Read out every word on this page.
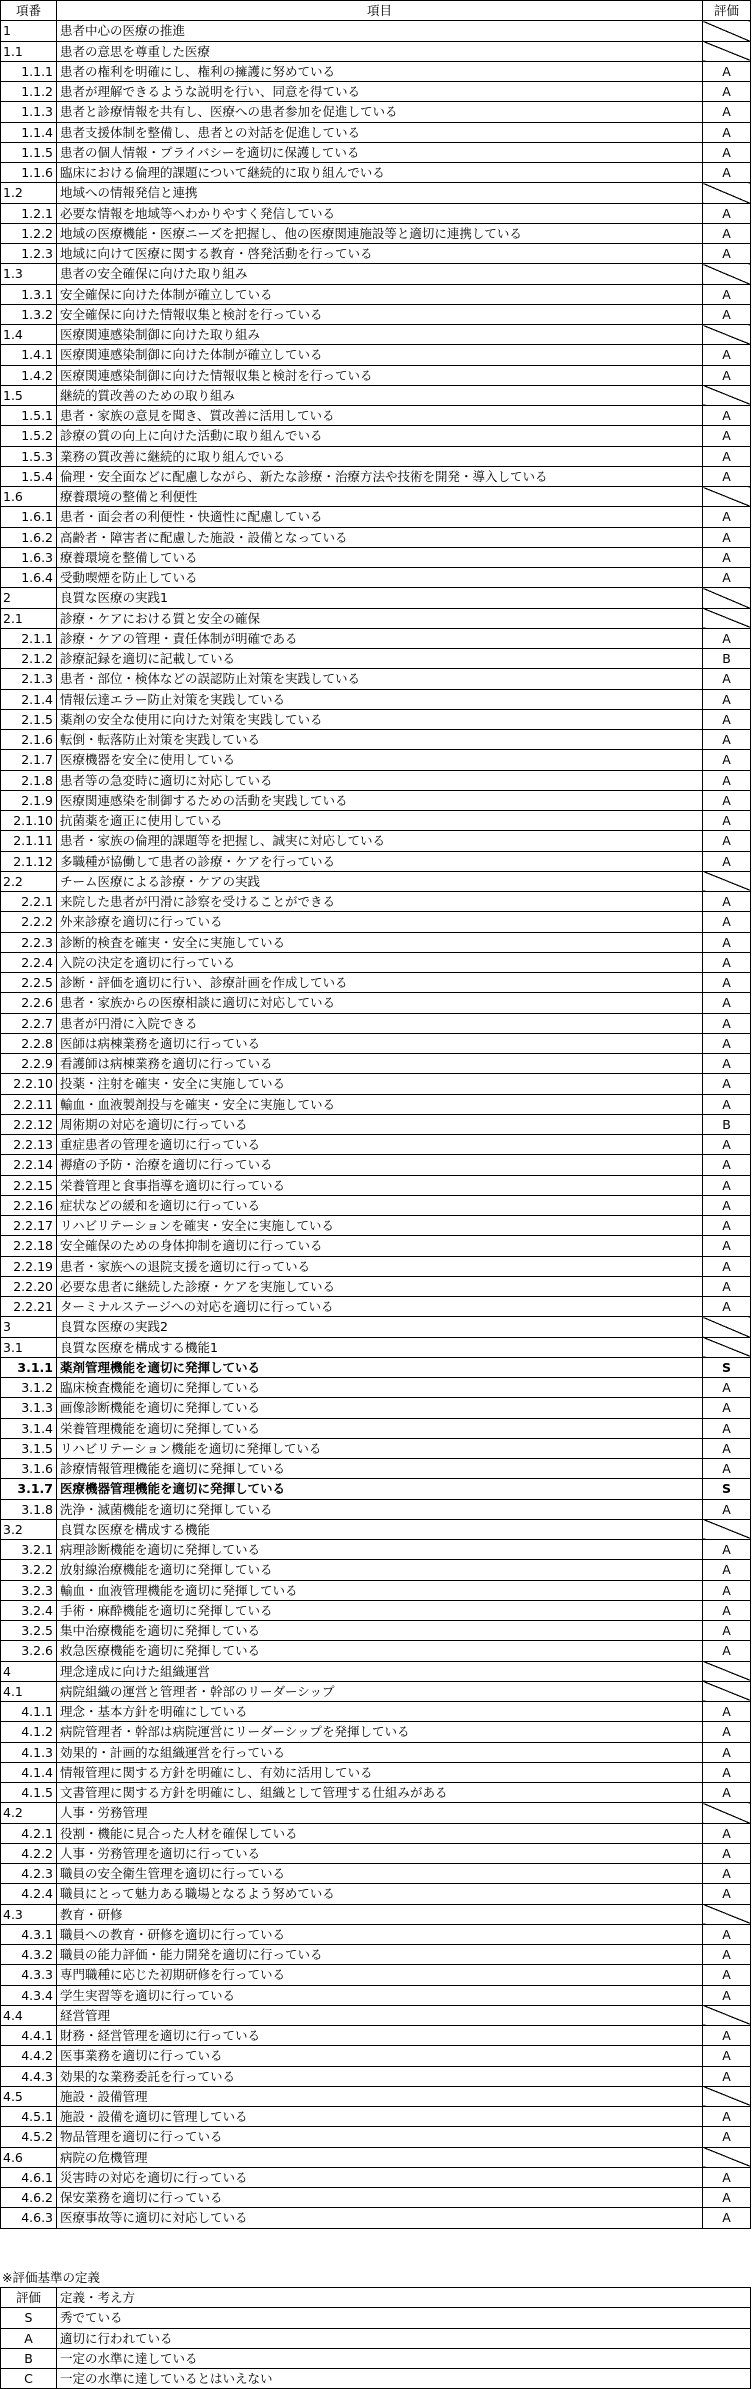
項番	項目	評価
1	患者中心の医療の推進	
1.1	患者の意思を尊重した医療	
1.1.1	患者の権利を明確にし、権利の擁護に努めている	A
1.1.2	患者が理解できるような説明を行い、同意を得ている	A
1.1.3	患者と診療情報を共有し、医療への患者参加を促進している	A
1.1.4	患者支援体制を整備し、患者との対話を促進している	A
1.1.5	患者の個人情報・プライバシーを適切に保護している	A
1.1.6	臨床における倫理的課題について継続的に取り組んでいる	A
1.2	地域への情報発信と連携	
1.2.1	必要な情報を地域等へわかりやすく発信している	A
1.2.2	地域の医療機能・医療ニーズを把握し、他の医療関連施設等と適切に連携している	A
1.2.3	地域に向けて医療に関する教育・啓発活動を行っている	A
1.3	患者の安全確保に向けた取り組み	
1.3.1	安全確保に向けた体制が確立している	A
1.3.2	安全確保に向けた情報収集と検討を行っている	A
1.4	医療関連感染制御に向けた取り組み	
1.4.1	医療関連感染制御に向けた体制が確立している	A
1.4.2	医療関連感染制御に向けた情報収集と検討を行っている	A
1.5	継続的質改善のための取り組み	
1.5.1	患者・家族の意見を聞き、質改善に活用している	A
1.5.2	診療の質の向上に向けた活動に取り組んでいる	A
1.5.3	業務の質改善に継続的に取り組んでいる	A
1.5.4	倫理・安全面などに配慮しながら、新たな診療・治療方法や技術を開発・導入している	A
1.6	療養環境の整備と利便性	
1.6.1	患者・面会者の利便性・快適性に配慮している	A
1.6.2	高齢者・障害者に配慮した施設・設備となっている	A
1.6.3	療養環境を整備している	A
1.6.4	受動喫煙を防止している	A
2	良質な医療の実践1	
2.1	診療・ケアにおける質と安全の確保	
2.1.1	診療・ケアの管理・責任体制が明確である	A
2.1.2	診療記録を適切に記載している	B
2.1.3	患者・部位・検体などの誤認防止対策を実践している	A
2.1.4	情報伝達エラー防止対策を実践している	A
2.1.5	薬剤の安全な使用に向けた対策を実践している	A
2.1.6	転倒・転落防止対策を実践している	A
2.1.7	医療機器を安全に使用している	A
2.1.8	患者等の急変時に適切に対応している	A
2.1.9	医療関連感染を制御するための活動を実践している	A
2.1.10	抗菌薬を適正に使用している	A
2.1.11	患者・家族の倫理的課題等を把握し、誠実に対応している	A
2.1.12	多職種が協働して患者の診療・ケアを行っている	A
2.2	チーム医療による診療・ケアの実践	
2.2.1	来院した患者が円滑に診察を受けることができる	A
2.2.2	外来診療を適切に行っている	A
2.2.3	診断的検査を確実・安全に実施している	A
2.2.4	入院の決定を適切に行っている	A
2.2.5	診断・評価を適切に行い、診療計画を作成している	A
2.2.6	患者・家族からの医療相談に適切に対応している	A
2.2.7	患者が円滑に入院できる	A
2.2.8	医師は病棟業務を適切に行っている	A
2.2.9	看護師は病棟業務を適切に行っている	A
2.2.10	投薬・注射を確実・安全に実施している	A
2.2.11	輸血・血液製剤投与を確実・安全に実施している	A
2.2.12	周術期の対応を適切に行っている	B
2.2.13	重症患者の管理を適切に行っている	A
2.2.14	褥瘡の予防・治療を適切に行っている	A
2.2.15	栄養管理と食事指導を適切に行っている	A
2.2.16	症状などの緩和を適切に行っている	A
2.2.17	リハビリテーションを確実・安全に実施している	A
2.2.18	安全確保のための身体抑制を適切に行っている	A
2.2.19	患者・家族への退院支援を適切に行っている	A
2.2.20	必要な患者に継続した診療・ケアを実施している	A
2.2.21	ターミナルステージへの対応を適切に行っている	A
3	良質な医療の実践2	
3.1	良質な医療を構成する機能1	
3.1.1	薬剤管理機能を適切に発揮している	S
3.1.2	臨床検査機能を適切に発揮している	A
3.1.3	画像診断機能を適切に発揮している	A
3.1.4	栄養管理機能を適切に発揮している	A
3.1.5	リハビリテーション機能を適切に発揮している	A
3.1.6	診療情報管理機能を適切に発揮している	A
3.1.7	医療機器管理機能を適切に発揮している	S
3.1.8	洗浄・滅菌機能を適切に発揮している	A
3.2	良質な医療を構成する機能	
3.2.1	病理診断機能を適切に発揮している	A
3.2.2	放射線治療機能を適切に発揮している	A
3.2.3	輸血・血液管理機能を適切に発揮している	A
3.2.4	手術・麻酔機能を適切に発揮している	A
3.2.5	集中治療機能を適切に発揮している	A
3.2.6	救急医療機能を適切に発揮している	A
4	理念達成に向けた組織運営	
4.1	病院組織の運営と管理者・幹部のリーダーシップ	
4.1.1	理念・基本方針を明確にしている	A
4.1.2	病院管理者・幹部は病院運営にリーダーシップを発揮している	A
4.1.3	効果的・計画的な組織運営を行っている	A
4.1.4	情報管理に関する方針を明確にし、有効に活用している	A
4.1.5	文書管理に関する方針を明確にし、組織として管理する仕組みがある	A
4.2	人事・労務管理	
4.2.1	役割・機能に見合った人材を確保している	A
4.2.2	人事・労務管理を適切に行っている	A
4.2.3	職員の安全衛生管理を適切に行っている	A
4.2.4	職員にとって魅力ある職場となるよう努めている	A
4.3	教育・研修	
4.3.1	職員への教育・研修を適切に行っている	A
4.3.2	職員の能力評価・能力開発を適切に行っている	A
4.3.3	専門職種に応じた初期研修を行っている	A
4.3.4	学生実習等を適切に行っている	A
4.4	経営管理	
4.4.1	財務・経営管理を適切に行っている	A
4.4.2	医事業務を適切に行っている	A
4.4.3	効果的な業務委託を行っている	A
4.5	施設・設備管理	
4.5.1	施設・設備を適切に管理している	A
4.5.2	物品管理を適切に行っている	A
4.6	病院の危機管理	
4.6.1	災害時の対応を適切に行っている	A
4.6.2	保安業務を適切に行っている	A
4.6.3	医療事故等に適切に対応している	A
※評価基準の定義
評価	定義・考え方
S	秀でている
A	適切に行われている
B	一定の水準に達している
C	一定の水準に達しているとはいえない
